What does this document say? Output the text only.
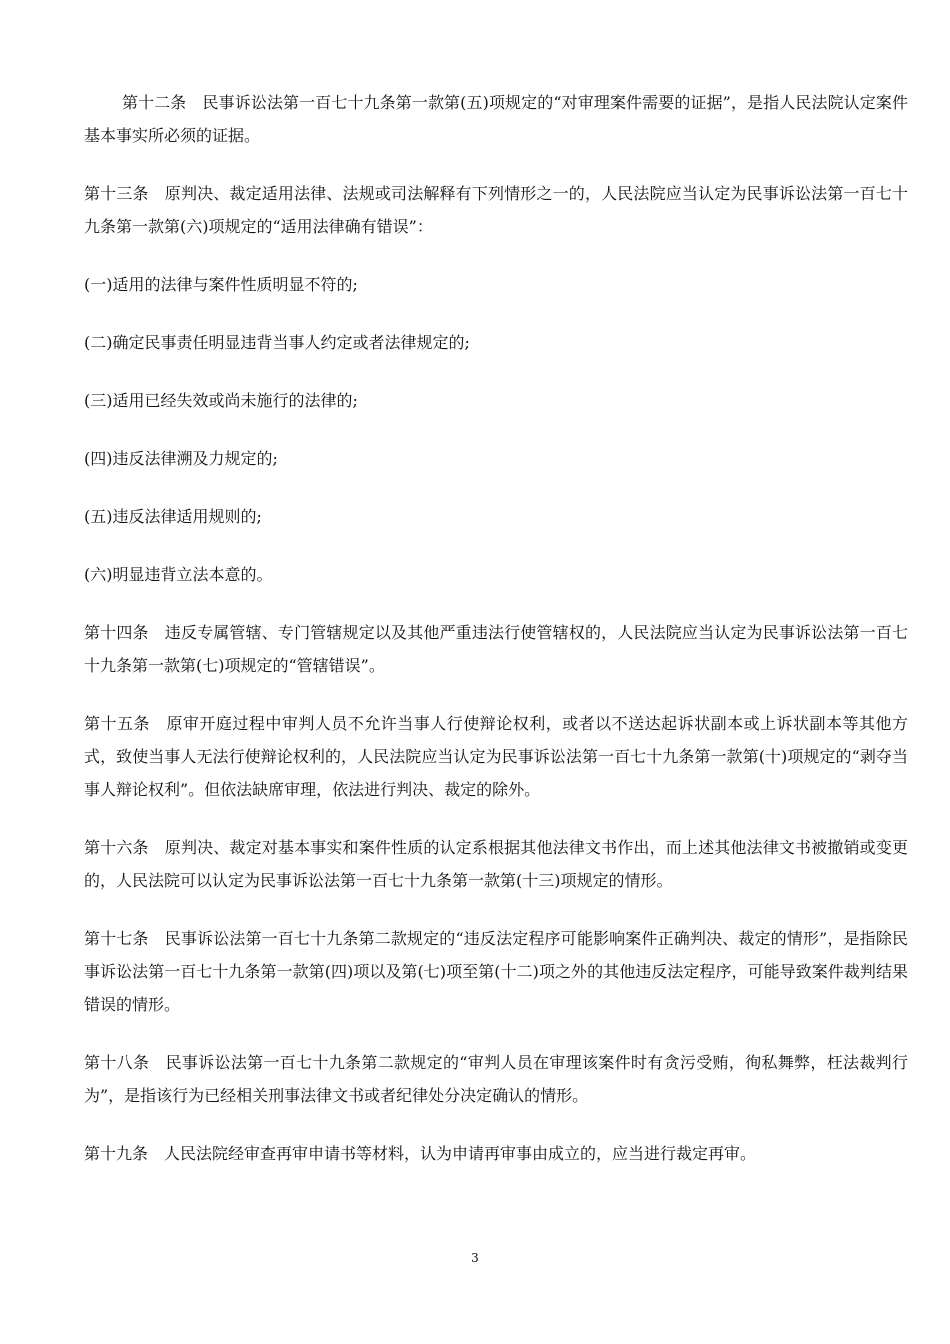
第十二条　民事诉讼法第一百七十九条第一款第(五)项规定的“对审理案件需要的证据”，是指人民法院认定案件基本事实所必须的证据。

第十三条　原判决、裁定适用法律、法规或司法解释有下列情形之一的，人民法院应当认定为民事诉讼法第一百七十九条第一款第(六)项规定的“适用法律确有错误”：

(一)适用的法律与案件性质明显不符的;

(二)确定民事责任明显违背当事人约定或者法律规定的;

(三)适用已经失效或尚未施行的法律的;

(四)违反法律溯及力规定的;

(五)违反法律适用规则的;

(六)明显违背立法本意的。

第十四条　违反专属管辖、专门管辖规定以及其他严重违法行使管辖权的，人民法院应当认定为民事诉讼法第一百七十九条第一款第(七)项规定的“管辖错误”。

第十五条　原审开庭过程中审判人员不允许当事人行使辩论权利，或者以不送达起诉状副本或上诉状副本等其他方式，致使当事人无法行使辩论权利的，人民法院应当认定为民事诉讼法第一百七十九条第一款第(十)项规定的“剥夺当事人辩论权利”。但依法缺席审理，依法进行判决、裁定的除外。

第十六条　原判决、裁定对基本事实和案件性质的认定系根据其他法律文书作出，而上述其他法律文书被撤销或变更的，人民法院可以认定为民事诉讼法第一百七十九条第一款第(十三)项规定的情形。

第十七条　民事诉讼法第一百七十九条第二款规定的“违反法定程序可能影响案件正确判决、裁定的情形”，是指除民事诉讼法第一百七十九条第一款第(四)项以及第(七)项至第(十二)项之外的其他违反法定程序，可能导致案件裁判结果错误的情形。

第十八条　民事诉讼法第一百七十九条第二款规定的“审判人员在审理该案件时有贪污受贿，徇私舞弊，枉法裁判行为”，是指该行为已经相关刑事法律文书或者纪律处分决定确认的情形。

第十九条　人民法院经审查再审申请书等材料，认为申请再审事由成立的，应当进行裁定再审。

3
